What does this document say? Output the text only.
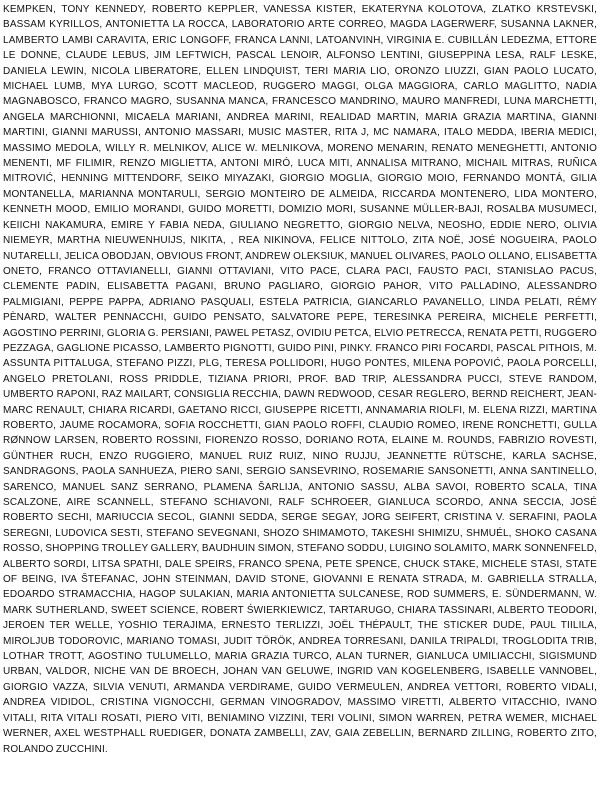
KEMPKEN, TONY KENNEDY, ROBERTO KEPPLER, VANESSA KISTER, EKATERYNA KOLOTOVA, ZLATKO KRSTEVSKI, BASSAM KYRILLOS, ANTONIETTA LA ROCCA, LABORATORIO ARTE CORREO, MAGDA LAGERWERF, SUSANNA LAKNER, LAMBERTO LAMBI CARAVITA, ERIC LONGOFF, FRANCA LANNI, LATOANVINH, VIRGINIA E. CUBILLÁN LEDEZMA, ETTORE LE DONNE, CLAUDE LEBUS, JIM LEFTWICH, PASCAL LENOIR, ALFONSO LENTINI, GIUSEPPINA LESA, RALF LESKE, DANIELA LEWIN, NICOLA LIBERATORE, ELLEN LINDQUIST, TERI MARIA LIO, ORONZO LIUZZI, GIAN PAOLO LUCATO, MICHAEL LUMB, MYA LURGO, SCOTT MACLEOD, RUGGERO MAGGI, OLGA MAGGIORA, CARLO MAGLITTO, NADIA MAGNABOSCO, FRANCO MAGRO, SUSANNA MANCA, FRANCESCO MANDRINO, MAURO MANFREDI, LUNA MARCHETTI, ANGELA MARCHIONNI, MICAELA MARIANI, ANDREA MARINI, REALIDAD MARTIN, MARIA GRAZIA MARTINA, GIANNI MARTINI, GIANNI MARUSSI, ANTONIO MASSARI, MUSIC MASTER, RITA J, MC NAMARA, ITALO MEDDA, IBERIA MEDICI, MASSIMO MEDOLA, WILLY R. MELNIKOV, ALICE W. MELNIKOVA, MORENO MENARIN, RENATO MENEGHETTI, ANTONIO MENENTI, MF FILIMIR, RENZO MIGLIETTA, ANTONI MIRÓ, LUCA MITI, ANNALISA MITRANO, MICHAIL MITRAS, RUÑICA MITROVIĆ, HENNING MITTENDORF, SEIKO MIYAZAKI, GIORGIO MOGLIA, GIORGIO MOIO, FERNANDO MONTÁ, GILIA MONTANELLA, MARIANNA MONTARULI, SERGIO MONTEIRO DE ALMEIDA, RICCARDA MONTENERO, LIDA MONTERO, KENNETH MOOD, EMILIO MORANDI, GUIDO MORETTI, DOMIZIO MORI, SUSANNE MÜLLER-BAJI, ROSALBA MUSUMECI, KEIICHI NAKAMURA, EMIRE Y FABIA NEDA, GIULIANO NEGRETTO, GIORGIO NELVA, NEOSHO, EDDIE NERO, OLIVIA NIEMEYR, MARTHA NIEUWENHUIJS, NIKITA, , REA NIKINOVA, FELICE NITTOLO, ZITA NOË, JOSÉ NOGUEIRA, PAOLO NUTARELLI, JELICA OBODJAN, OBVIOUS FRONT, ANDREW OLEKSIUK, MANUEL OLIVARES, PAOLO OLLANO, ELISABETTA ONETO, FRANCO OTTAVIANELLI, GIANNI OTTAVIANI, VITO PACE, CLARA PACI, FAUSTO PACI, STANISLAO PACUS, CLEMENTE PADIN, ELISABETTA PAGANI, BRUNO PAGLIARO, GIORGIO PAHOR, VITO PALLADINO, ALESSANDRO PALMIGIANI, PEPPE PAPPA, ADRIANO PASQUALI, ESTELA PATRICIA, GIANCARLO PAVANELLO, LINDA PELATI, RÉMY PÈNARD, WALTER PENNACCHI, GUIDO PENSATO, SALVATORE PEPE, TERESINKA PEREIRA, MICHELE PERFETTI, AGOSTINO PERRINI, GLORIA G. PERSIANI, PAWEL PETASZ, OVIDIU PETCA, ELVIO PETRECCA, RENATA PETTI, RUGGERO PEZZAGA, GAGLIONE PICASSO, LAMBERTO PIGNOTTI, GUIDO PINI, PINKY. FRANCO PIRI FOCARDI, PASCAL PITHOIS, M. ASSUNTA PITTALUGA, STEFANO PIZZI, PLG, TERESA POLLIDORI, HUGO PONTES, MILENA POPOVIĆ, PAOLA PORCELLI, ANGELO PRETOLANI, ROSS PRIDDLE, TIZIANA PRIORI, PROF. BAD TRIP, ALESSANDRA PUCCI, STEVE RANDOM, UMBERTO RAPONI, RAZ MAILART, CONSIGLIA RECCHIA, DAWN REDWOOD, CESAR REGLERO, BERND REICHERT, JEAN-MARC RENAULT, CHIARA RICARDI, GAETANO RICCI, GIUSEPPE RICETTI, ANNAMARIA RIOLFI, M. ELENA RIZZI, MARTINA ROBERTO, JAUME ROCAMORA, SOFIA ROCCHETTI, GIAN PAOLO ROFFI, CLAUDIO ROMEO, IRENE RONCHETTI, GULLA RØNNOW LARSEN, ROBERTO ROSSINI, FIORENZO ROSSO, DORIANO ROTA, ELAINE M. ROUNDS, FABRIZIO ROVESTI, GÜNTHER RUCH, ENZO RUGGIERO, MANUEL RUIZ RUIZ, NINO RUJJU, JEANNETTE RÜTSCHE, KARLA SACHSE, SANDRAGONS, PAOLA SANHUEZA, PIERO SANI, SERGIO SANSEVRINO, ROSEMARIE SANSONETTI, ANNA SANTINELLO, SARENCO, MANUEL SANZ SERRANO, PLAMENA ŠARLIJA, ANTONIO SASSU, ALBA SAVOI, ROBERTO SCALA, TINA SCALZONE, AIRE SCANNELL, STEFANO SCHIAVONI, RALF SCHROEER, GIANLUCA SCORDO, ANNA SECCIA, JOSÉ ROBERTO SECHI, MARIUCCIA SECOL, GIANNI SEDDA, SERGE SEGAY, JORG SEIFERT, CRISTINA V. SERAFINI, PAOLA SEREGNI, LUDOVICA SESTI, STEFANO SEVEGNANI, SHOZO SHIMAMOTO, TAKESHI SHIMIZU, SHMUÉL, SHOKO CASANA ROSSO, SHOPPING TROLLEY GALLERY, BAUDHUIN SIMON, STEFANO SODDU, LUIGINO SOLAMITO, MARK SONNENFELD, ALBERTO SORDI, LITSA SPATHI, DALE SPEIRS, FRANCO SPENA, PETE SPENCE, CHUCK STAKE, MICHELE STASI, STATE OF BEING, IVA ŠTEFANAC, JOHN STEINMAN, DAVID STONE, GIOVANNI E RENATA STRADA, M. GABRIELLA STRALLA, EDOARDO STRAMACCHIA, HAGOP SULAKIAN, MARIA ANTONIETTA SULCANESE, ROD SUMMERS, E. SÜNDERMANN, W. MARK SUTHERLAND, SWEET SCIENCE, ROBERT ŚWIERKIEWICZ, TARTARUGO, CHIARA TASSINARI, ALBERTO TEODORI, JEROEN TER WELLE, YOSHIO TERAJIMA, ERNESTO TERLIZZI, JOËL THÉPAULT, THE STICKER DUDE, PAUL TIILILA, MIROLJUB TODOROVIC, MARIANO TOMASI, JUDIT TÖRÖK, ANDREA TORRESANI, DANILA TRIPALDI, TROGLODITA TRIB, LOTHAR TROTT, AGOSTINO TULUMELLO, MARIA GRAZIA TURCO, ALAN TURNER, GIANLUCA UMILIACCHI, SIGISMUND URBAN, VALDOR, NICHE VAN DE BROECH, JOHAN VAN GELUWE, INGRID VAN KOGELENBERG, ISABELLE VANNOBEL, GIORGIO VAZZA, SILVIA VENUTI, ARMANDA VERDIRAME, GUIDO VERMEULEN, ANDREA VETTORI, ROBERTO VIDALI, ANDREA VIDIDOL, CRISTINA VIGNOCCHI, GERMAN VINOGRADOV, MASSIMO VIRETTI, ALBERTO VITACCHIO, IVANO VITALI, RITA VITALI ROSATI, PIERO VITI, BENIAMINO VIZZINI, TERI VOLINI, SIMON WARREN, PETRA WEMER, MICHAEL WERNER, AXEL WESTPHALL RUEDIGER, DONATA ZAMBELLI, ZAV, GAIA ZEBELLIN, BERNARD ZILLING, ROBERTO ZITO, ROLANDO ZUCCHINI.
